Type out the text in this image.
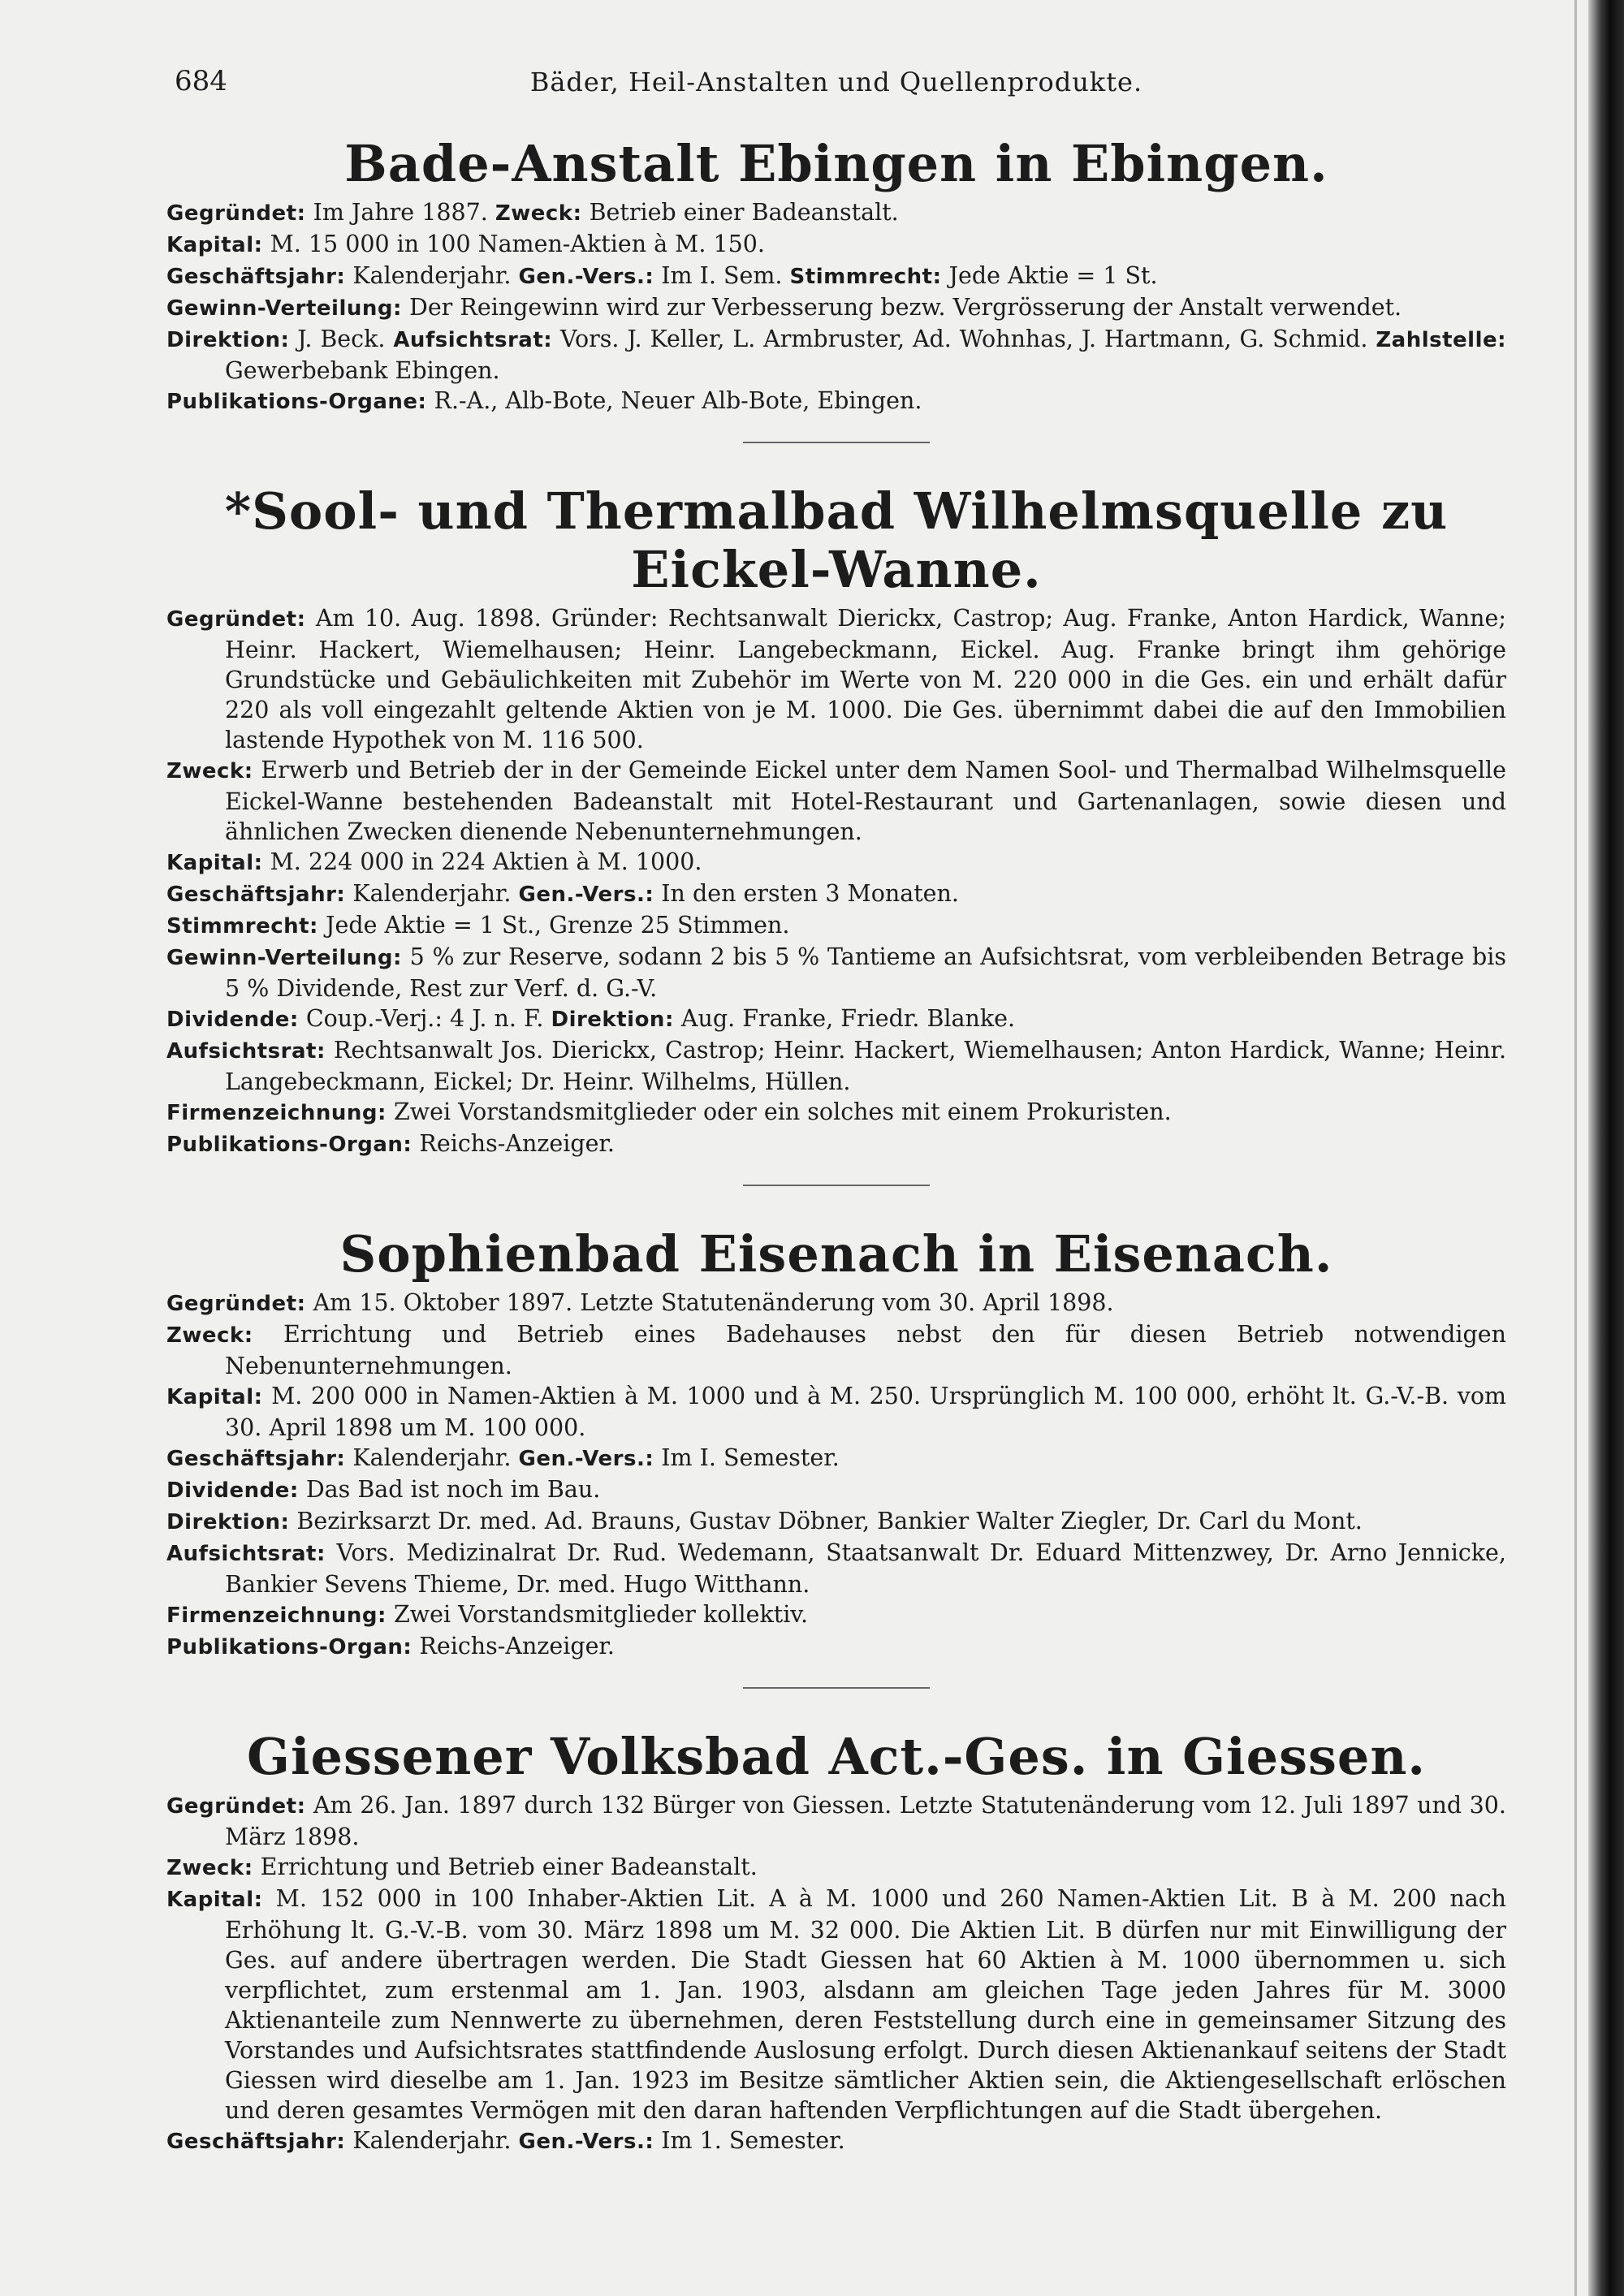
684	Bäder, Heil-Anstalten und Quellenprodukte.
Bade-Anstalt Ebingen in Ebingen.

Gegründet: Im Jahre 1887. Zweck: Betrieb einer Badeanstalt.

Kapital: M. 15 000 in 100 Namen-Aktien à M. 150.

Geschäftsjahr: Kalenderjahr. Gen.-Vers.: Im I. Sem. Stimmrecht: Jede Aktie = 1 St.

Gewinn-Verteilung: Der Reingewinn wird zur Verbesserung bezw. Vergrösserung der Anstalt verwendet.

Direktion: J. Beck. Aufsichtsrat: Vors. J. Keller, L. Armbruster, Ad. Wohnhas, J. Hartmann, G. Schmid. Zahlstelle: Gewerbebank Ebingen.

Publikations-Organe: R.-A., Alb-Bote, Neuer Alb-Bote, Ebingen.

*Sool- und Thermalbad Wilhelmsquelle zu Eickel-Wanne.

Gegründet: Am 10. Aug. 1898. Gründer: Rechtsanwalt Dierickx, Castrop; Aug. Franke, Anton Hardick, Wanne; Heinr. Hackert, Wiemelhausen; Heinr. Langebeckmann, Eickel. Aug. Franke bringt ihm gehörige Grundstücke und Gebäulichkeiten mit Zubehör im Werte von M. 220 000 in die Ges. ein und erhält dafür 220 als voll eingezahlt geltende Aktien von je M. 1000. Die Ges. übernimmt dabei die auf den Immobilien lastende Hypothek von M. 116 500.

Zweck: Erwerb und Betrieb der in der Gemeinde Eickel unter dem Namen Sool- und Thermalbad Wilhelmsquelle Eickel-Wanne bestehenden Badeanstalt mit Hotel-Restaurant und Gartenanlagen, sowie diesen und ähnlichen Zwecken dienende Nebenunternehmungen.

Kapital: M. 224 000 in 224 Aktien à M. 1000.

Geschäftsjahr: Kalenderjahr. Gen.-Vers.: In den ersten 3 Monaten.

Stimmrecht: Jede Aktie = 1 St., Grenze 25 Stimmen.

Gewinn-Verteilung: 5 % zur Reserve, sodann 2 bis 5 % Tantieme an Aufsichtsrat, vom verbleibenden Betrage bis 5 % Dividende, Rest zur Verf. d. G.-V.

Dividende: Coup.-Verj.: 4 J. n. F. Direktion: Aug. Franke, Friedr. Blanke.

Aufsichtsrat: Rechtsanwalt Jos. Dierickx, Castrop; Heinr. Hackert, Wiemelhausen; Anton Hardick, Wanne; Heinr. Langebeckmann, Eickel; Dr. Heinr. Wilhelms, Hüllen.

Firmenzeichnung: Zwei Vorstandsmitglieder oder ein solches mit einem Prokuristen.

Publikations-Organ: Reichs-Anzeiger.

Sophienbad Eisenach in Eisenach.

Gegründet: Am 15. Oktober 1897. Letzte Statutenänderung vom 30. April 1898.

Zweck: Errichtung und Betrieb eines Badehauses nebst den für diesen Betrieb notwendigen Nebenunternehmungen.

Kapital: M. 200 000 in Namen-Aktien à M. 1000 und à M. 250. Ursprünglich M. 100 000, erhöht lt. G.-V.-B. vom 30. April 1898 um M. 100 000.

Geschäftsjahr: Kalenderjahr. Gen.-Vers.: Im I. Semester.

Dividende: Das Bad ist noch im Bau.

Direktion: Bezirksarzt Dr. med. Ad. Brauns, Gustav Döbner, Bankier Walter Ziegler, Dr. Carl du Mont.

Aufsichtsrat: Vors. Medizinalrat Dr. Rud. Wedemann, Staatsanwalt Dr. Eduard Mittenzwey, Dr. Arno Jennicke, Bankier Sevens Thieme, Dr. med. Hugo Witthann.

Firmenzeichnung: Zwei Vorstandsmitglieder kollektiv.

Publikations-Organ: Reichs-Anzeiger.

Giessener Volksbad Act.-Ges. in Giessen.

Gegründet: Am 26. Jan. 1897 durch 132 Bürger von Giessen. Letzte Statutenänderung vom 12. Juli 1897 und 30. März 1898.

Zweck: Errichtung und Betrieb einer Badeanstalt.

Kapital: M. 152 000 in 100 Inhaber-Aktien Lit. A à M. 1000 und 260 Namen-Aktien Lit. B à M. 200 nach Erhöhung lt. G.-V.-B. vom 30. März 1898 um M. 32 000. Die Aktien Lit. B dürfen nur mit Einwilligung der Ges. auf andere übertragen werden. Die Stadt Giessen hat 60 Aktien à M. 1000 übernommen u. sich verpflichtet, zum erstenmal am 1. Jan. 1903, alsdann am gleichen Tage jeden Jahres für M. 3000 Aktienanteile zum Nennwerte zu übernehmen, deren Feststellung durch eine in gemeinsamer Sitzung des Vorstandes und Aufsichtsrates stattfindende Auslosung erfolgt. Durch diesen Aktienankauf seitens der Stadt Giessen wird dieselbe am 1. Jan. 1923 im Besitze sämtlicher Aktien sein, die Aktiengesellschaft erlöschen und deren gesamtes Vermögen mit den daran haftenden Verpflichtungen auf die Stadt übergehen.

Geschäftsjahr: Kalenderjahr. Gen.-Vers.: Im 1. Semester.
